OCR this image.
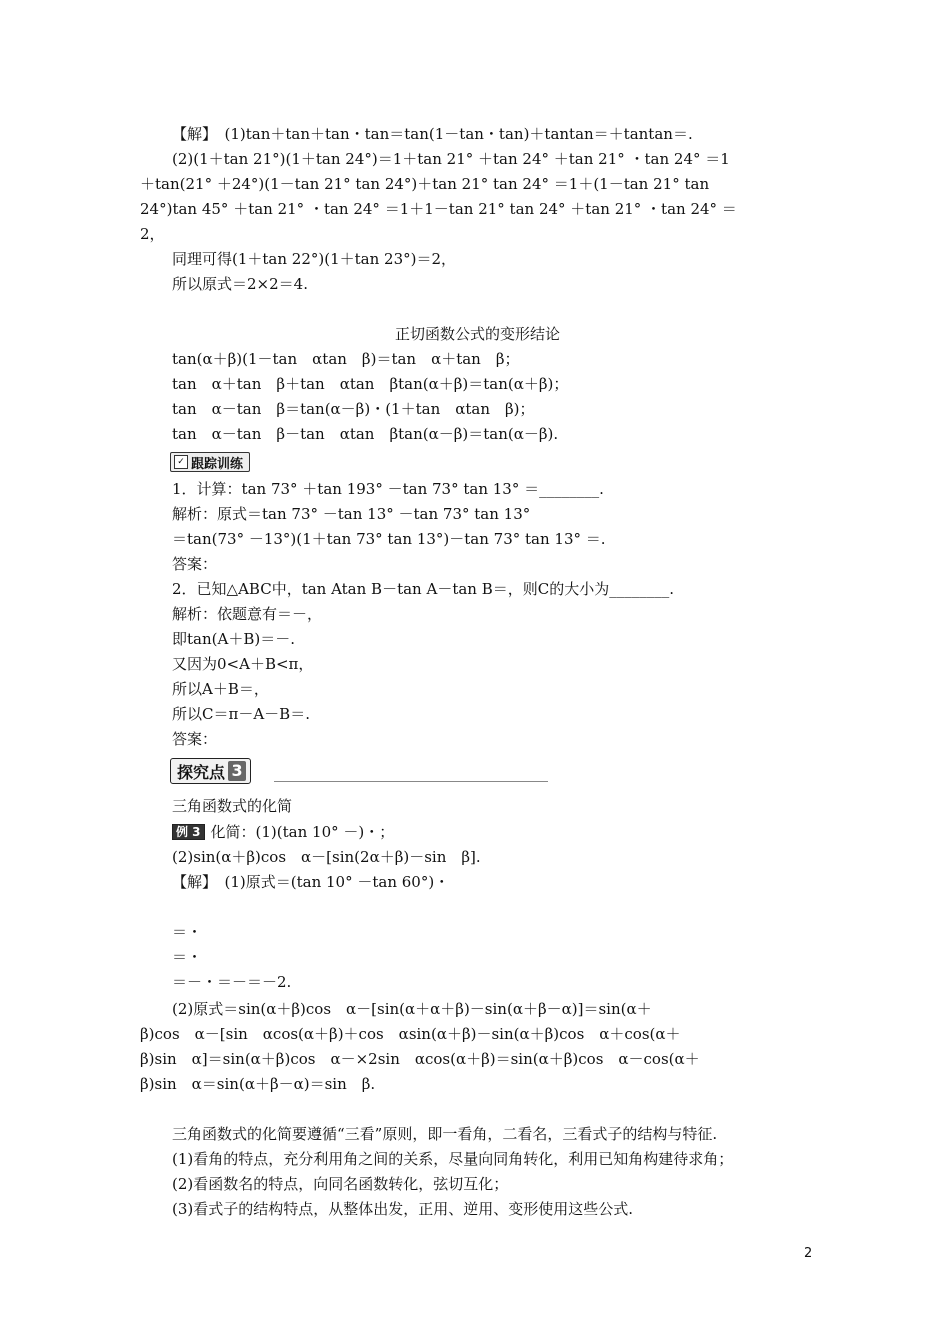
【解】　(1)tan＋tan＋tan・tan＝tan(1－tan・tan)＋tantan＝＋tantan＝.
(2)(1＋tan 21°)(1＋tan 24°)＝1＋tan 21° ＋tan 24° ＋tan 21° ・tan 24° ＝1
＋tan(21° ＋24°)(1－tan 21° tan 24°)＋tan 21° tan 24° ＝1＋(1－tan 21° tan
24°)tan 45° ＋tan 21° ・tan 24° ＝1＋1－tan 21° tan 24° ＋tan 21° ・tan 24° ＝
2，
同理可得(1＋tan 22°)(1＋tan 23°)＝2，
所以原式＝2×2＝4.
正切函数公式的变形结论
tan(α＋β)(1－tan　αtan　β)＝tan　α＋tan　β；
tan　α＋tan　β＋tan　αtan　βtan(α＋β)＝tan(α＋β)；
tan　α－tan　β＝tan(α－β)・(1＋tan　αtan　β)；
tan　α－tan　β－tan　αtan　βtan(α－β)＝tan(α－β).
✓ 跟踪训练
1．计算：tan 73° ＋tan 193° －tan 73° tan 13° ＝________.
解析：原式＝tan 73° －tan 13° －tan 73° tan 13°
＝tan(73° －13°)(1＋tan 73° tan 13°)－tan 73° tan 13° ＝.
答案：
2．已知△ABC中，tan Atan B－tan A－tan B＝，则C的大小为________.
解析：依题意有＝－，
即tan(A＋B)＝－.
又因为0<A＋B<π，
所以A＋B＝，
所以C＝π－A－B＝.
答案：
探究点 3
三角函数式的化简
例 3 化简：(1)(tan 10° －)・；
(2)sin(α＋β)cos　α－[sin(2α＋β)－sin　β].
【解】　(1)原式＝(tan 10° －tan 60°)・
＝・
＝・
＝－・＝－＝－2.
(2)原式＝sin(α＋β)cos　α－[sin(α＋α＋β)－sin(α＋β－α)]＝sin(α＋
β)cos　α－[sin　αcos(α＋β)＋cos　αsin(α＋β)－sin(α＋β)cos　α＋cos(α＋
β)sin　α]＝sin(α＋β)cos　α－×2sin　αcos(α＋β)＝sin(α＋β)cos　α－cos(α＋
β)sin　α＝sin(α＋β－α)＝sin　β.
三角函数式的化简要遵循“三看”原则，即一看角，二看名，三看式子的结构与特征.
(1)看角的特点，充分利用角之间的关系，尽量向同角转化，利用已知角构建待求角；
(2)看函数名的特点，向同名函数转化，弦切互化；
(3)看式子的结构特点，从整体出发，正用、逆用、变形使用这些公式.
2
